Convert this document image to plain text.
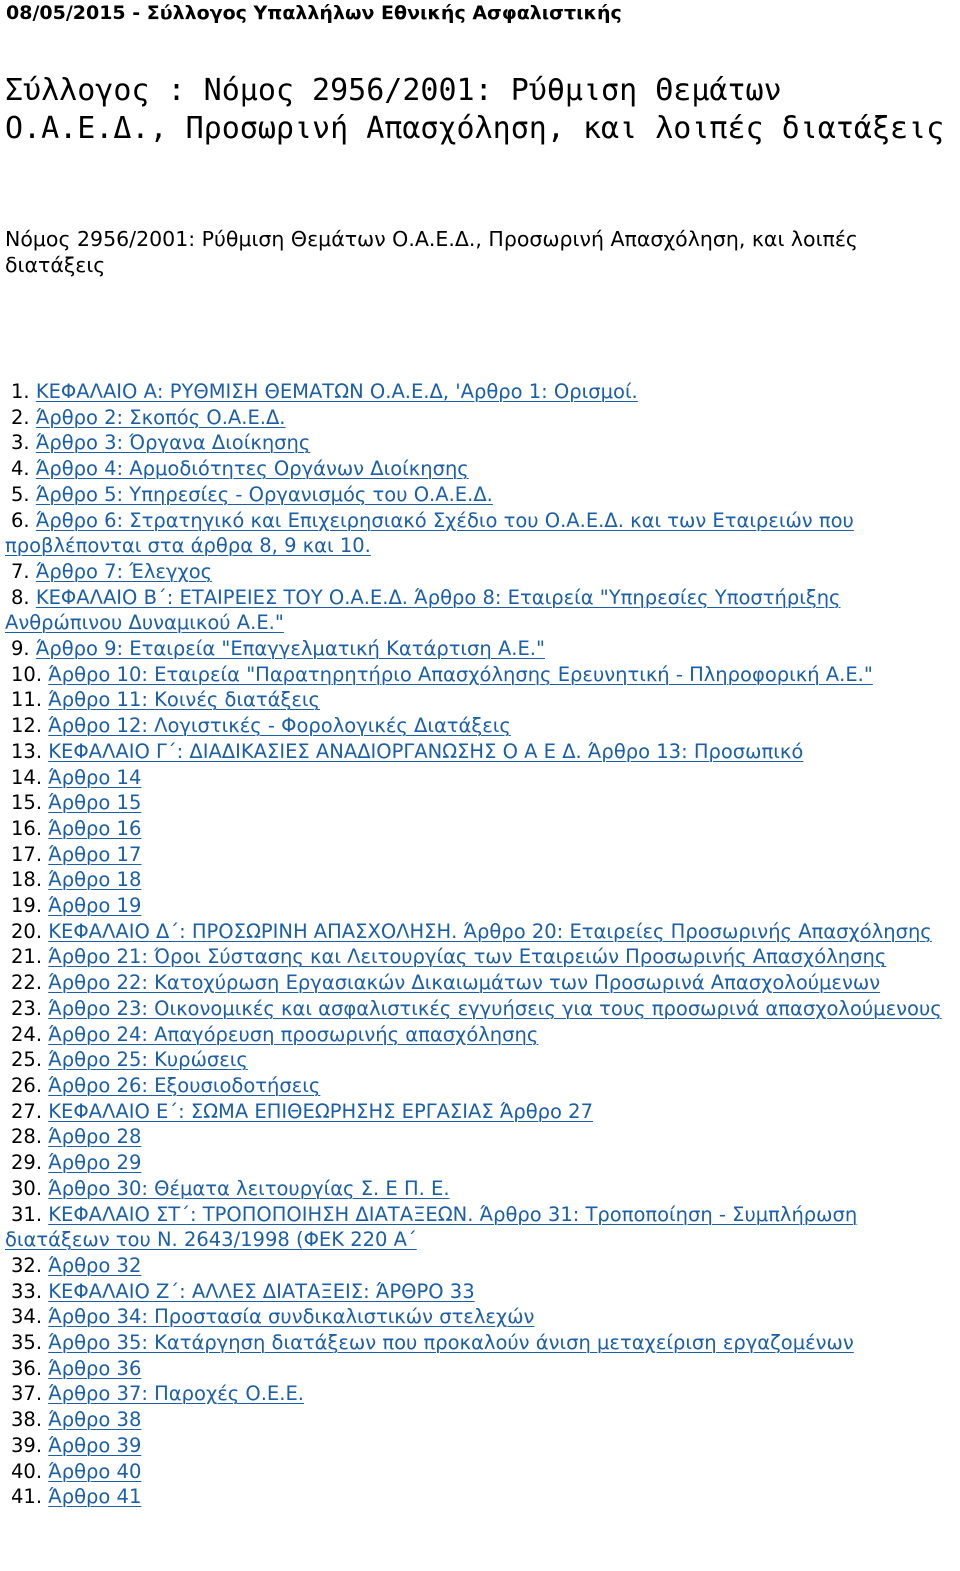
08/05/2015 - Σύλλογος Υπαλλήλων Εθνικής Ασφαλιστικής
Σύλλογος : Νόμος 2956/2001: Ρύθμιση Θεμάτων Ο.Α.Ε.Δ., Προσωρινή Απασχόληση, και λοιπές διατάξεις

Νόμος 2956/2001: Ρύθμιση Θεμάτων Ο.Α.Ε.Δ., Προσωρινή Απασχόληση, και λοιπές διατάξεις

1. ΚΕΦΑΛΑΙΟ Α: ΡΥΘΜΙΣΗ ΘΕΜΑΤΩΝ Ο.Α.Ε.Δ, 'Αρθρο 1: Ορισμοί.
2. Άρθρο 2: Σκοπός Ο.Α.Ε.Δ.
3. Άρθρο 3: Όργανα Διοίκησης
4. Άρθρο 4: Αρμοδιότητες Οργάνων Διοίκησης
5. Άρθρο 5: Υπηρεσίες - Οργανισμός του Ο.Α.Ε.Δ.
6. Άρθρο 6: Στρατηγικό και Επιχειρησιακό Σχέδιο του Ο.Α.Ε.Δ. και των Εταιρειών που προβλέπονται στα άρθρα 8, 9 και 10.
7. Άρθρο 7: Έλεγχος
8. ΚΕΦΑΛΑΙΟ Β΄: ΕΤΑΙΡΕΙΕΣ ΤΟΥ Ο.Α.Ε.Δ. Άρθρο 8: Εταιρεία "Υπηρεσίες Υποστήριξης Ανθρώπινου Δυναμικού Α.Ε."
9. Άρθρο 9: Εταιρεία "Επαγγελματική Κατάρτιση Α.Ε."
10. Άρθρο 10: Εταιρεία "Παρατηρητήριο Απασχόλησης Ερευνητική - Πληροφορική Α.Ε."
11. Άρθρο 11: Κοινές διατάξεις
12. Άρθρο 12: Λογιστικές - Φορολογικές Διατάξεις
13. ΚΕΦΑΛΑΙΟ Γ΄: ΔΙΑΔΙΚΑΣΙΕΣ ΑΝΑΔΙΟΡΓΑΝΩΣΗΣ Ο Α Ε Δ. Άρθρο 13: Προσωπικό
14. Άρθρο 14
15. Άρθρο 15
16. Άρθρο 16
17. Άρθρο 17
18. Άρθρο 18
19. Άρθρο 19
20. ΚΕΦΑΛΑΙΟ Δ΄: ΠΡΟΣΩΡΙΝΗ ΑΠΑΣΧΟΛΗΣΗ. Άρθρο 20: Εταιρείες Προσωρινής Απασχόλησης
21. Άρθρο 21: Όροι Σύστασης και Λειτουργίας των Εταιρειών Προσωρινής Απασχόλησης
22. Άρθρο 22: Κατοχύρωση Εργασιακών Δικαιωμάτων των Προσωρινά Απασχολούμενων
23. Άρθρο 23: Οικονομικές και ασφαλιστικές εγγυήσεις για τους προσωρινά απασχολούμενους
24. Άρθρο 24: Απαγόρευση προσωρινής απασχόλησης
25. Άρθρο 25: Κυρώσεις
26. Άρθρο 26: Εξουσιοδοτήσεις
27. ΚΕΦΑΛΑΙΟ Ε΄: ΣΩΜΑ ΕΠΙΘΕΩΡΗΣΗΣ ΕΡΓΑΣΙΑΣ Άρθρο 27
28. Άρθρο 28
29. Άρθρο 29
30. Άρθρο 30: Θέματα λειτουργίας Σ. Ε Π. Ε.
31. ΚΕΦΑΛΑΙΟ ΣΤ΄: ΤΡΟΠΟΠΟΙΗΣΗ ΔΙΑΤΑΞΕΩΝ. Άρθρο 31: Τροποποίηση - Συμπλήρωση διατάξεων του Ν. 2643/1998 (ΦΕΚ 220 Α΄
32. Άρθρο 32
33. ΚΕΦΑΛΑΙΟ Ζ΄: ΑΛΛΕΣ ΔΙΑΤΑΞΕΙΣ: ΆΡΘΡΟ 33
34. Άρθρο 34: Προστασία συνδικαλιστικών στελεχών
35. Άρθρο 35: Κατάργηση διατάξεων που προκαλούν άνιση μεταχείριση εργαζομένων
36. Άρθρο 36
37. Άρθρο 37: Παροχές Ο.Ε.Ε.
38. Άρθρο 38
39. Άρθρο 39
40. Άρθρο 40
41. Άρθρο 41
